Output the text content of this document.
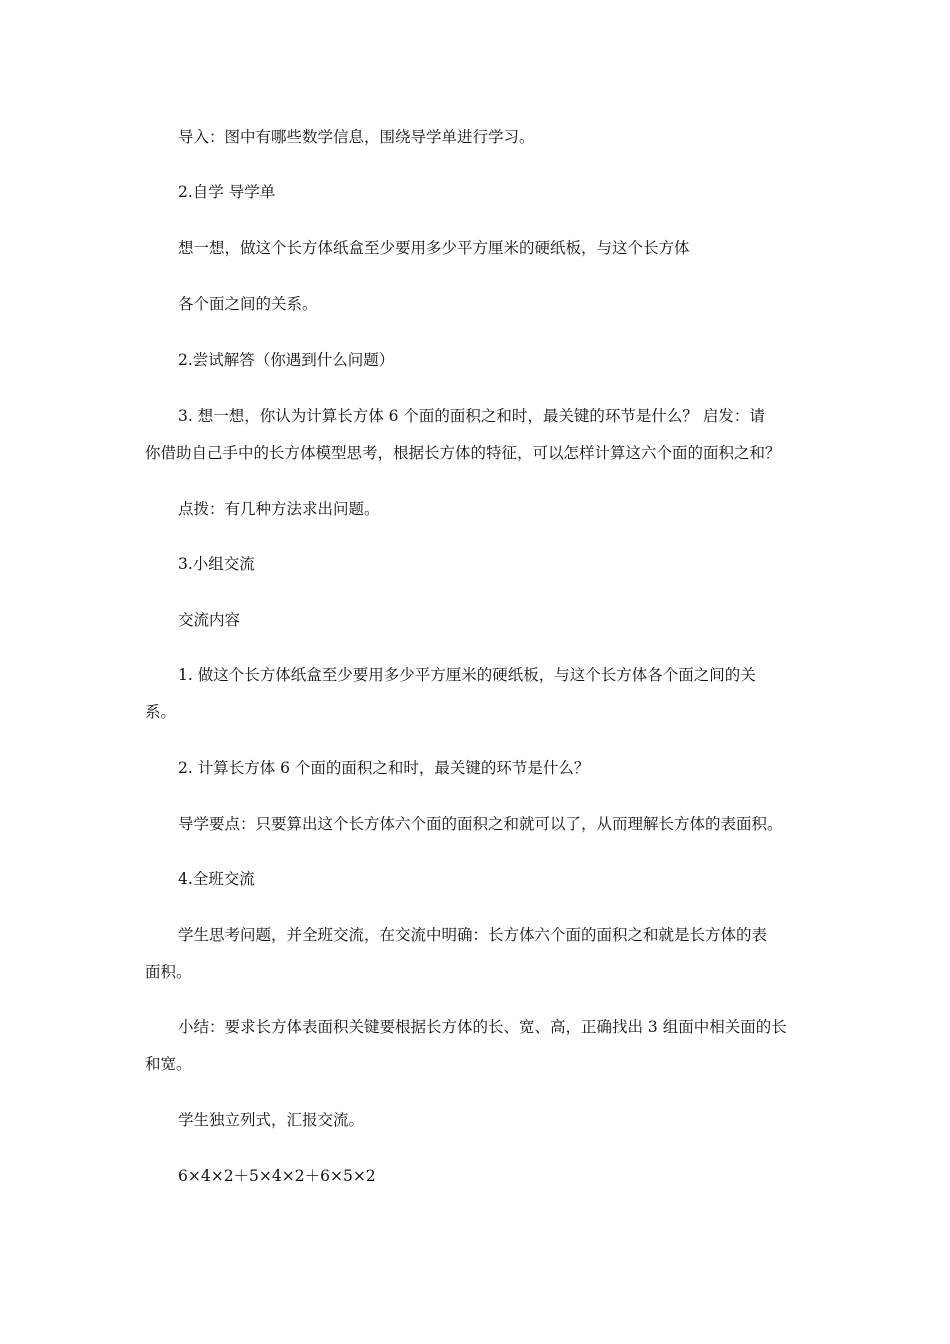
导入：图中有哪些数学信息，围绕导学单进行学习。

2.自学 导学单

想一想，做这个长方体纸盒至少要用多少平方厘米的硬纸板，与这个长方体

各个面之间的关系。

2.尝试解答（你遇到什么问题）

3. 想一想，你认为计算长方体 6 个面的面积之和时，最关键的环节是什么？ 启发：请
你借助自己手中的长方体模型思考，根据长方体的特征，可以怎样计算这六个面的面积之和？

点拨：有几种方法求出问题。

3.小组交流

交流内容

1. 做这个长方体纸盒至少要用多少平方厘米的硬纸板，与这个长方体各个面之间的关
系。

2. 计算长方体 6 个面的面积之和时，最关键的环节是什么？

导学要点：只要算出这个长方体六个面的面积之和就可以了，从而理解长方体的表面积。

4.全班交流

学生思考问题，并全班交流，在交流中明确：长方体六个面的面积之和就是长方体的表
面积。

小结：要求长方体表面积关键要根据长方体的长、宽、高，正确找出 3 组面中相关面的长
和宽。

学生独立列式，汇报交流。

6×4×2＋5×4×2＋6×5×2
